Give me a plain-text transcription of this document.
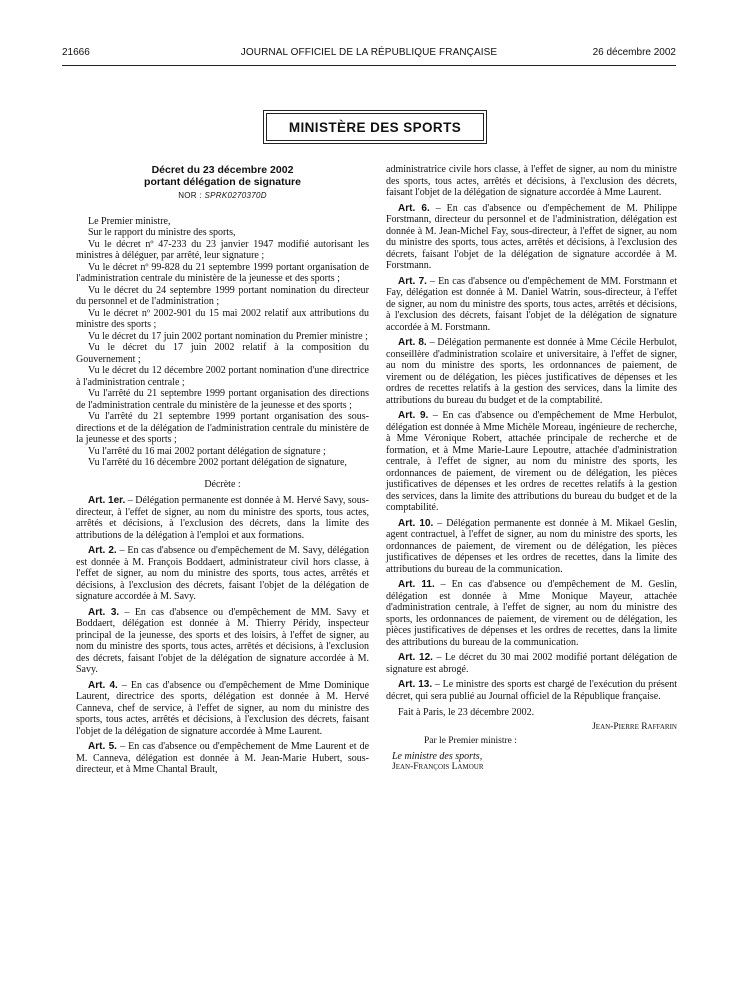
21666	JOURNAL OFFICIEL DE LA RÉPUBLIQUE FRANÇAISE	26 décembre 2002
MINISTÈRE DES SPORTS
Décret du 23 décembre 2002
portant délégation de signature
NOR : SPRK0270370D

Le Premier ministre,

Sur le rapport du ministre des sports,

Vu le décret nº 47-233 du 23 janvier 1947 modifié autorisant les ministres à déléguer, par arrêté, leur signature ;

Vu le décret nº 99-828 du 21 septembre 1999 portant organisation de l'administration centrale du ministère de la jeunesse et des sports ;

Vu le décret du 24 septembre 1999 portant nomination du directeur du personnel et de l'administration ;

Vu le décret nº 2002-901 du 15 mai 2002 relatif aux attributions du ministre des sports ;

Vu le décret du 17 juin 2002 portant nomination du Premier ministre ;

Vu le décret du 17 juin 2002 relatif à la composition du Gouvernement ;

Vu le décret du 12 décembre 2002 portant nomination d'une directrice à l'administration centrale ;

Vu l'arrêté du 21 septembre 1999 portant organisation des directions de l'administration centrale du ministère de la jeunesse et des sports ;

Vu l'arrêté du 21 septembre 1999 portant organisation des sous-directions et de la délégation de l'administration centrale du ministère de la jeunesse et des sports ;

Vu l'arrêté du 16 mai 2002 portant délégation de signature ;

Vu l'arrêté du 16 décembre 2002 portant délégation de signature,

Décrète :

Art. 1er. – Délégation permanente est donnée à M. Hervé Savy, sous-directeur, à l'effet de signer, au nom du ministre des sports, tous actes, arrêtés et décisions, à l'exclusion des décrets, dans la limite des attributions de la délégation à l'emploi et aux formations.

Art. 2. – En cas d'absence ou d'empêchement de M. Savy, délégation est donnée à M. François Boddaert, administrateur civil hors classe, à l'effet de signer, au nom du ministre des sports, tous actes, arrêtés et décisions, à l'exclusion des décrets, faisant l'objet de la délégation de signature accordée à M. Savy.

Art. 3. – En cas d'absence ou d'empêchement de MM. Savy et Boddaert, délégation est donnée à M. Thierry Péridy, inspecteur principal de la jeunesse, des sports et des loisirs, à l'effet de signer, au nom du ministre des sports, tous actes, arrêtés et décisions, à l'exclusion des décrets, faisant l'objet de la délégation de signature accordée à M. Savy.

Art. 4. – En cas d'absence ou d'empêchement de Mme Dominique Laurent, directrice des sports, délégation est donnée à M. Hervé Canneva, chef de service, à l'effet de signer, au nom du ministre des sports, tous actes, arrêtés et décisions, à l'exclusion des décrets, faisant l'objet de la délégation de signature accordée à Mme Laurent.

Art. 5. – En cas d'absence ou d'empêchement de Mme Laurent et de M. Canneva, délégation est donnée à M. Jean-Marie Hubert, sous-directeur, et à Mme Chantal Brault,

administratrice civile hors classe, à l'effet de signer, au nom du ministre des sports, tous actes, arrêtés et décisions, à l'exclusion des décrets, faisant l'objet de la délégation de signature accordée à Mme Laurent.

Art. 6. – En cas d'absence ou d'empêchement de M. Philippe Forstmann, directeur du personnel et de l'administration, délégation est donnée à M. Jean-Michel Fay, sous-directeur, à l'effet de signer, au nom du ministre des sports, tous actes, arrêtés et décisions, à l'exclusion des décrets, faisant l'objet de la délégation de signature accordée à M. Forstmann.

Art. 7. – En cas d'absence ou d'empêchement de MM. Forstmann et Fay, délégation est donnée à M. Daniel Watrin, sous-directeur, à l'effet de signer, au nom du ministre des sports, tous actes, arrêtés et décisions, à l'exclusion des décrets, faisant l'objet de la délégation de signature accordée à M. Forstmann.

Art. 8. – Délégation permanente est donnée à Mme Cécile Herbulot, conseillère d'administration scolaire et universitaire, à l'effet de signer, au nom du ministre des sports, les ordonnances de paiement, de virement ou de délégation, les pièces justificatives de dépenses et les ordres de recettes relatifs à la gestion des services, dans la limite des attributions du bureau du budget et de la comptabilité.

Art. 9. – En cas d'absence ou d'empêchement de Mme Herbulot, délégation est donnée à Mme Michèle Moreau, ingénieure de recherche, à Mme Véronique Robert, attachée principale de recherche et de formation, et à Mme Marie-Laure Lepoutre, attachée d'administration centrale, à l'effet de signer, au nom du ministre des sports, les ordonnances de paiement, de virement ou de délégation, les pièces justificatives de dépenses et les ordres de recettes relatifs à la gestion des services, dans la limite des attributions du bureau du budget et de la comptabilité.

Art. 10. – Délégation permanente est donnée à M. Mikael Geslin, agent contractuel, à l'effet de signer, au nom du ministre des sports, les ordonnances de paiement, de virement ou de délégation, les pièces justificatives de dépenses et les ordres de recettes, dans la limite des attributions du bureau de la communication.

Art. 11. – En cas d'absence ou d'empêchement de M. Geslin, délégation est donnée à Mme Monique Mayeur, attachée d'administration centrale, à l'effet de signer, au nom du ministre des sports, les ordonnances de paiement, de virement ou de délégation, les pièces justificatives de dépenses et les ordres de recettes, dans la limite des attributions du bureau de la communication.

Art. 12. – Le décret du 30 mai 2002 modifié portant délégation de signature est abrogé.

Art. 13. – Le ministre des sports est chargé de l'exécution du présent décret, qui sera publié au Journal officiel de la République française.

Fait à Paris, le 23 décembre 2002.

Jean-Pierre Raffarin

Par le Premier ministre :

Le ministre des sports,

Jean-François Lamour
